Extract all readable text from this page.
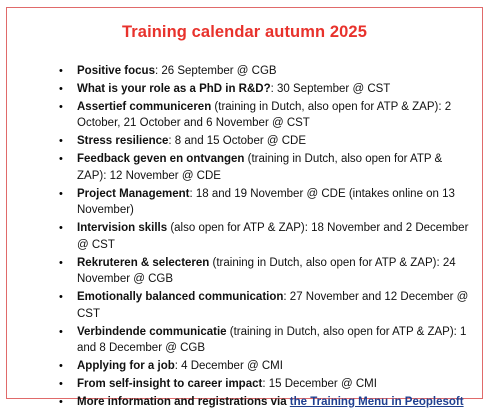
Training calendar autumn 2025
•	Positive focus: 26 September @ CGB
•	What is your role as a PhD in R&D?: 30 September @ CST
•	Assertief communiceren (training in Dutch, also open for ATP & ZAP): 2 October, 21 October and 6 November @ CST
•	Stress resilience: 8 and 15 October @ CDE
•	Feedback geven en ontvangen (training in Dutch, also open for ATP & ZAP): 12 November @ CDE
•	Project Management: 18 and 19 November @ CDE (intakes online on 13 November)
•	Intervision skills (also open for ATP & ZAP): 18 November and 2 December @ CST
•	Rekruteren & selecteren (training in Dutch, also open for ATP & ZAP): 24 November @ CGB
•	Emotionally balanced communication: 27 November and 12 December @ CST
•	Verbindende communicatie (training in Dutch, also open for ATP & ZAP): 1 and 8 December @ CGB
•	Applying for a job: 4 December @ CMI
•	From self-insight to career impact: 15 December @ CMI
•	More information and registrations via the Training Menu in Peoplesoft
